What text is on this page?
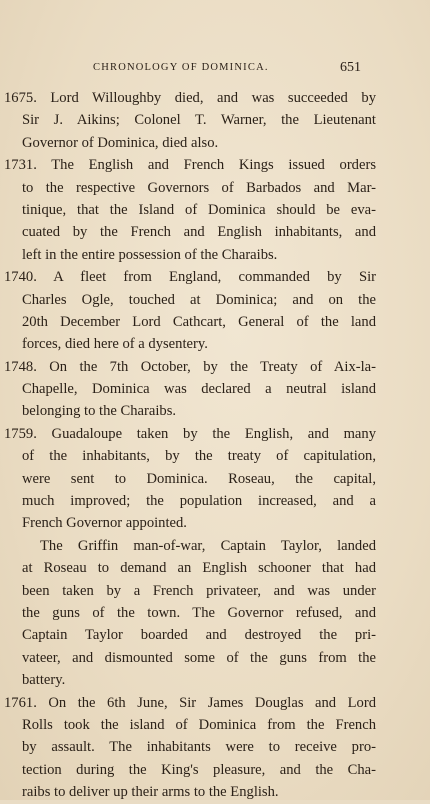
CHRONOLOGY OF DOMINICA.	651

1675. Lord Willoughby died, and was succeeded by
Sir J. Aikins; Colonel T. Warner, the Lieutenant
Governor of Dominica, died also.

1731. The English and French Kings issued orders
to the respective Governors of Barbados and Mar-
tinique, that the Island of Dominica should be eva-
cuated by the French and English inhabitants, and
left in the entire possession of the Charaibs.

1740. A fleet from England, commanded by Sir
Charles Ogle, touched at Dominica; and on the
20th December Lord Cathcart, General of the land
forces, died here of a dysentery.

1748. On the 7th October, by the Treaty of Aix-la-
Chapelle, Dominica was declared a neutral island
belonging to the Charaibs.

1759. Guadaloupe taken by the English, and many
of the inhabitants, by the treaty of capitulation,
were sent to Dominica. Roseau, the capital,
much improved; the population increased, and a
French Governor appointed.

The Griffin man-of-war, Captain Taylor, landed
at Roseau to demand an English schooner that had
been taken by a French privateer, and was under
the guns of the town. The Governor refused, and
Captain Taylor boarded and destroyed the pri-
vateer, and dismounted some of the guns from the
battery.

1761. On the 6th June, Sir James Douglas and Lord
Rolls took the island of Dominica from the French
by assault. The inhabitants were to receive pro-
tection during the King's pleasure, and the Cha-
raibs to deliver up their arms to the English.
